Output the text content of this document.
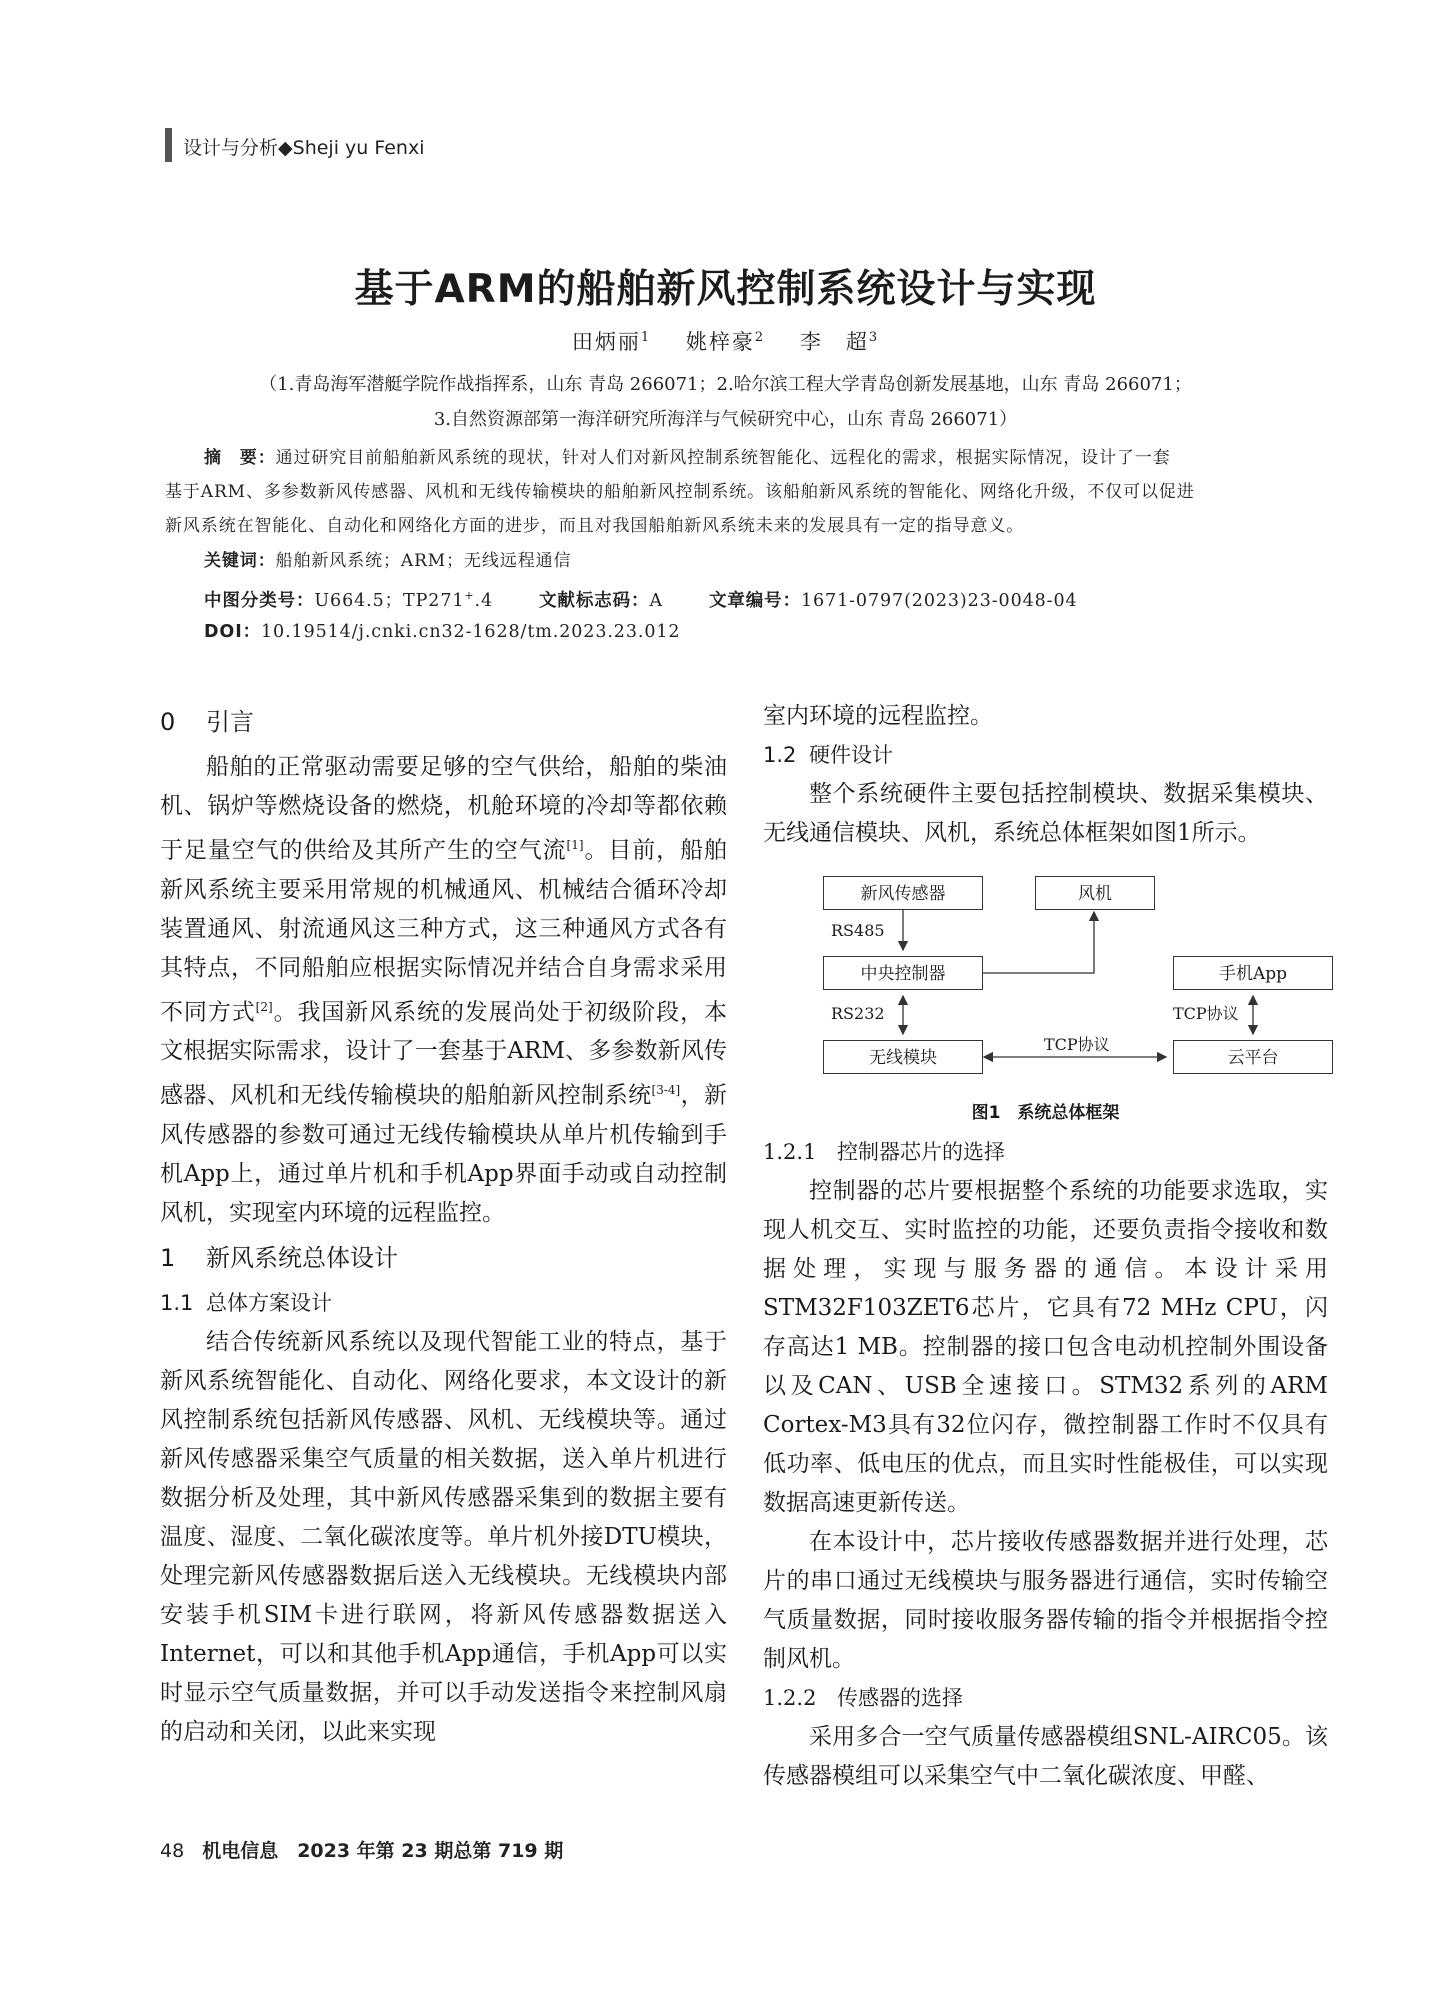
设计与分析◆Sheji yu Fenxi
基于ARM的船舶新风控制系统设计与实现
田炳丽$^1$ 姚梓豪$^2$ 李　超$^3$
（1.青岛海军潜艇学院作战指挥系，山东 青岛 266071；2.哈尔滨工程大学青岛创新发展基地，山东 青岛 266071；
3.自然资源部第一海洋研究所海洋与气候研究中心，山东 青岛 266071）
摘　要：通过研究目前船舶新风系统的现状，针对人们对新风控制系统智能化、远程化的需求，根据实际情况，设计了一套
基于ARM、多参数新风传感器、风机和无线传输模块的船舶新风控制系统。该船舶新风系统的智能化、网络化升级，不仅可以促进
新风系统在智能化、自动化和网络化方面的进步，而且对我国船舶新风系统未来的发展具有一定的指导意义。
关键词：船舶新风系统；ARM；无线远程通信
中图分类号：U664.5；TP271+.4	文献标志码：A	文章编号：1671-0797(2023)23-0048-04
DOI：10.19514/j.cnki.cn32-1628/tm.2023.23.012
0 引言

船舶的正常驱动需要足够的空气供给，船舶的柴油机、锅炉等燃烧设备的燃烧，机舱环境的冷却等都依赖于足量空气的供给及其所产生的空气流[1]。目前，船舶新风系统主要采用常规的机械通风、机械结合循环冷却装置通风、射流通风这三种方式，这三种通风方式各有其特点，不同船舶应根据实际情况并结合自身需求采用不同方式[2]。我国新风系统的发展尚处于初级阶段，本文根据实际需求，设计了一套基于ARM、多参数新风传感器、风机和无线传输模块的船舶新风控制系统[3-4]，新风传感器的参数可通过无线传输模块从单片机传输到手机App上，通过单片机和手机App界面手动或自动控制风机，实现室内环境的远程监控。

1 新风系统总体设计
1.1 总体方案设计

结合传统新风系统以及现代智能工业的特点，基于新风系统智能化、自动化、网络化要求，本文设计的新风控制系统包括新风传感器、风机、无线模块等。通过新风传感器采集空气质量的相关数据，送入单片机进行数据分析及处理，其中新风传感器采集到的数据主要有温度、湿度、二氧化碳浓度等。单片机外接DTU模块，处理完新风传感器数据后送入无线模块。无线模块内部安装手机SIM卡进行联网，将新风传感器数据送入Internet，可以和其他手机App通信，手机App可以实时显示空气质量数据，并可以手动发送指令来控制风扇的启动和关闭，以此来实现

室内环境的远程监控。

1.2 硬件设计

整个系统硬件主要包括控制模块、数据采集模块、无线通信模块、风机，系统总体框架如图1所示。

新风传感器	风机
中央控制器	手机App
无线模块	云平台
RS485
RS232
TCP协议
TCP协议
图1　系统总体框架
1.2.1 控制器芯片的选择

控制器的芯片要根据整个系统的功能要求选取，实现人机交互、实时监控的功能，还要负责指令接收和数据处理，实现与服务器的通信。本设计采用STM32F103ZET6芯片，它具有72 MHz CPU，闪存高达1 MB。控制器的接口包含电动机控制外围设备以及CAN、USB全速接口。STM32系列的ARM Cortex-M3具有32位闪存，微控制器工作时不仅具有低功率、低电压的优点，而且实时性能极佳，可以实现数据高速更新传送。

在本设计中，芯片接收传感器数据并进行处理，芯片的串口通过无线模块与服务器进行通信，实时传输空气质量数据，同时接收服务器传输的指令并根据指令控制风机。

1.2.2 传感器的选择

采用多合一空气质量传感器模组SNL-AIRC05。该传感器模组可以采集空气中二氧化碳浓度、甲醛、

48 机电信息　2023 年第 23 期总第 719 期
